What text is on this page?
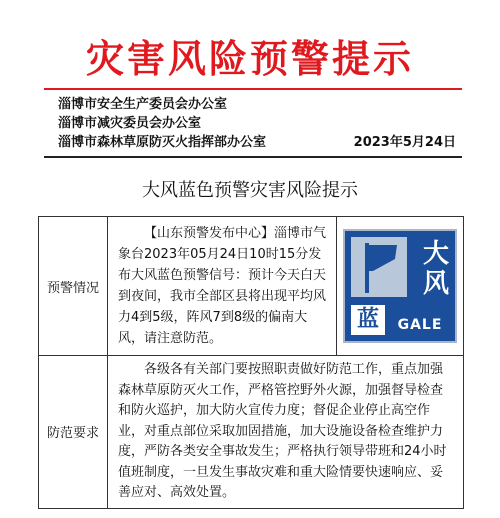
灾害风险预警提示
淄博市安全生产委员会办公室
淄博市减灾委员会办公室
淄博市森林草原防灭火指挥部办公室	2023年5月24日
大风蓝色预警灾害风险提示
预警情况	【山东预警发布中心】淄博市气象台2023年05月24日10时15分发布大风蓝色预警信号：预计今天白天到夜间，我市全部区县将出现平均风力4到5级，阵风7到8级的偏南大风，请注意防范。	大
风
蓝 GALE

防范要求	各级各有关部门要按照职责做好防范工作，重点加强森林草原防灭火工作，严格管控野外火源，加强督导检查和防火巡护，加大防火宣传力度；督促企业停止高空作业，对重点部位采取加固措施，加大设施设备检查维护力度，严防各类安全事故发生；严格执行领导带班和24小时值班制度，一旦发生事故灾难和重大险情要快速响应、妥善应对、高效处置。	
